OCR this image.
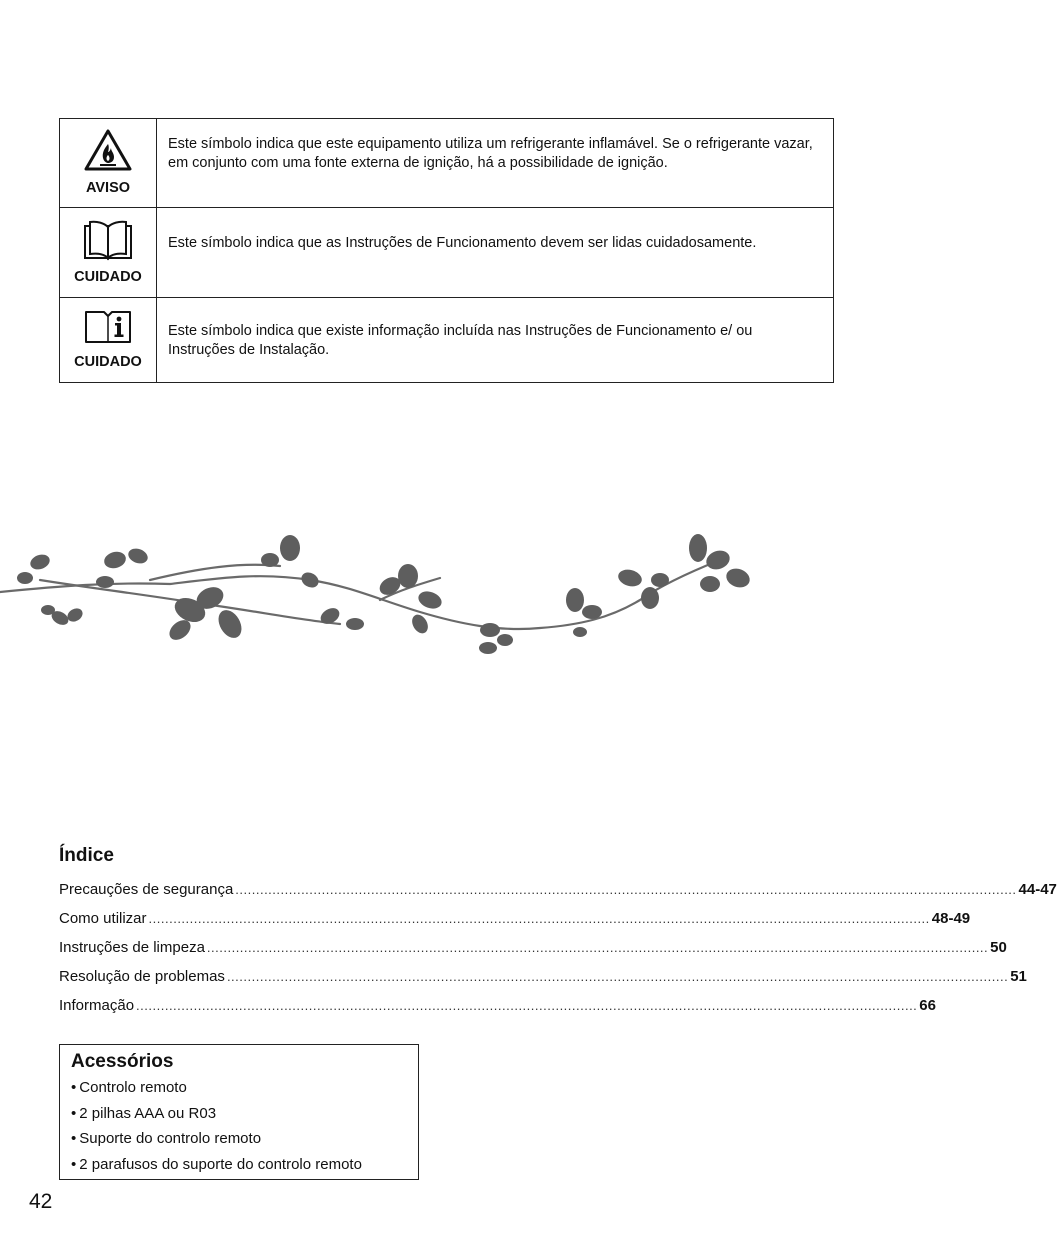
AVISO	Este símbolo indica que este equipamento utiliza um refrigerante inflamável. Se o refrigerante vazar, em conjunto com uma fonte externa de ignição, há a possibilidade de ignição.

CUIDADO	Este símbolo indica que as Instruções de Funcionamento devem ser lidas cuidadosamente.

CUIDADO	Este símbolo indica que existe informação incluída nas Instruções de Funcionamento e/ ou Instruções de Instalação.
Índice
Precauções de segurança .............................................................................................................................................................................................. 44-47
Como utilizar .............................................................................................................................................................................................. 48-49
Instruções de limpeza .............................................................................................................................................................................................. 50
Resolução de problemas .............................................................................................................................................................................................. 51
Informação .............................................................................................................................................................................................. 66
Acessórios
• Controlo remoto
• 2 pilhas AAA ou R03
• Suporte do controlo remoto
• 2 parafusos do suporte do controlo remoto
42
